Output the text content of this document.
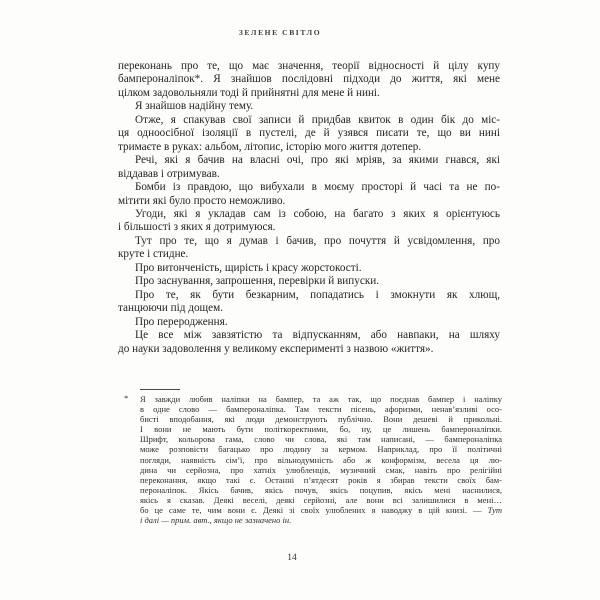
ЗЕЛЕНЕ СВІТЛО
переконань про те, що має значення, теорії відносності й цілу купу
бампероналіпок*. Я знайшов послідовні підходи до життя, які мене
цілком задовольняли тоді й прийнятні для мене й нині.
Я знайшов надійну тему.
Отже, я спакував свої записи й придбав квиток в один бік до міс-
ця одноосібної ізоляції в пустелі, де й узявся писати те, що ви нині
тримаєте в руках: альбом, літопис, історію мого життя дотепер.
Речі, які я бачив на власні очі, про які мріяв, за якими гнався, які
віддавав і отримував.
Бомби із правдою, що вибухали в моєму просторі й часі та не по-
мітити які було просто неможливо.
Угоди, які я укладав сам із собою, на багато з яких я орієнтуюсь
і більшості з яких я дотримуюся.
Тут про те, що я думав і бачив, про почуття й усвідомлення, про
круте і стидне.
Про витонченість, щирість і красу жорстокості.
Про заснування, запрошення, перевірки й випуски.
Про те, як бути безкарним, попадатись і змокнути як хлющ,
танцюючи під дощем.
Про переродження.
Це все між завзятістю та відпусканням, або навпаки, на шляху
до науки задоволення у великому експерименті з назвою «життя».
* Я завжди любив наліпки на бампер, та аж так, що поєднав бампер і наліпку
в одне слово — бампероналіпка. Там тексти пісень, афоризми, ненав’язливі осо-
бисті вподобання, які люди демонструють публічно. Вони дешеві й прикольні.
І вони не мають бути політкоректними, бо, ну, це лишень бампероналіпки.
Шрифт, кольорова гама, слово чи слова, які там написані, — бампероналіпка
може розповісти багацько про людину за кермом. Наприклад, про її політичні
погляди, наявність сім’ї, про вільнодумність або ж конформізм, весела ця лю-
дина чи серйозна, про хатніх улюбленців, музичний смак, навіть про релігійні
переконання, якщо такі є. Останні п’ятдесят років я збирав тексти своїх бам-
пероналіпок. Якісь бачив, якісь почув, якісь поцупив, якісь мені наснилися,
якісь я сказав. Деякі веселі, деякі серйозні, але вони всі залишилися в мені…
бо це саме те, чим вони є. Деякі зі своїх улюблених я наводжу в цій книзі. — Тут
і далі — прим. авт., якщо не зазначено ін.
14
